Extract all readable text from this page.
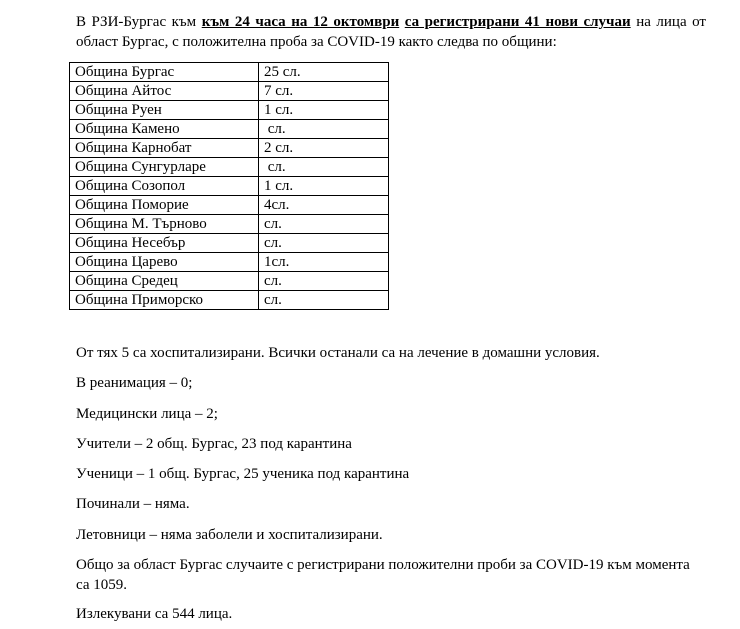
В РЗИ-Бургас към към 24 часа на 12 октомври са регистрирани 41 нови случаи на лица от област Бургас, с положителна проба за COVID-19 както следва по общини:

Община Бургас	25 сл.
Община Айтос	7 сл.
Община Руен	1 сл.
Община Камено	сл.
Община Карнобат	2 сл.
Община Сунгурларе	сл.
Община Созопол	1 сл.
Община Поморие	4сл.
Община М. Търново	сл.
Община Несебър	сл.
Община Царево	1сл.
Община Средец	сл.
Община Приморско	сл.

От тях 5 са хоспитализирани. Всички останали са на лечение в домашни условия.

В реанимация – 0;

Медицински лица – 2;

Учители – 2 общ. Бургас, 23 под карантина

Ученици – 1 общ. Бургас, 25 ученика под карантина

Починали – няма.

Летовници – няма заболели и хоспитализирани.

Общо за област Бургас случаите с регистрирани положителни проби за COVID-19 към момента са 1059.

Излекувани са 544 лица.
